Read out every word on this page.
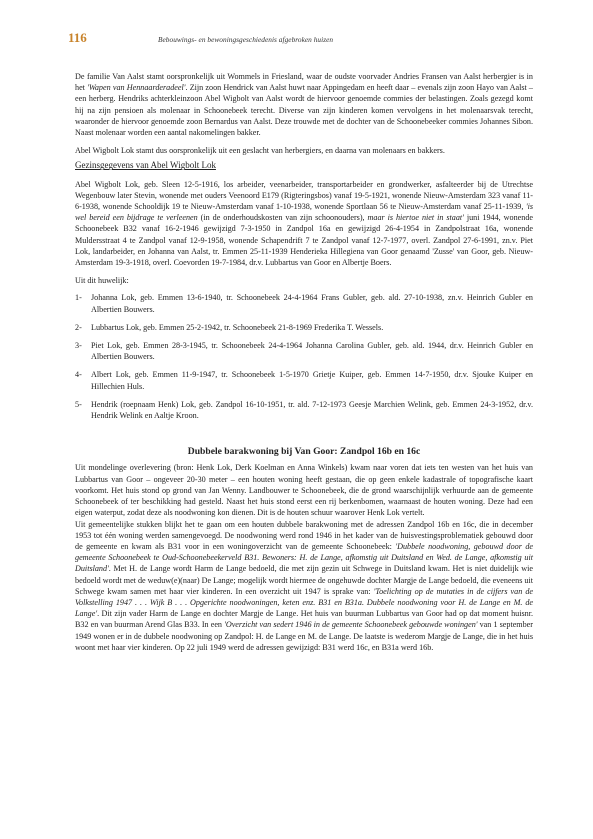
116	Bebouwings- en bewoningsgeschiedenis afgebroken huizen

De familie Van Aalst stamt oorspronkelijk uit Wommels in Friesland, waar de oudste voorvader Andries Fransen van Aalst herbergier is in het 'Wapen van Hennaarderadeel'. Zijn zoon Hendrick van Aalst huwt naar Appingedam en heeft daar – evenals zijn zoon Hayo van Aalst – een herberg. Hendriks achterkleinzoon Abel Wigbolt van Aalst wordt de hiervoor genoemde commies der belastingen. Zoals gezegd komt hij na zijn pensioen als molenaar in Schoonebeek terecht. Diverse van zijn kinderen komen vervolgens in het molenaarsvak terecht, waaronder de hiervoor genoemde zoon Bernardus van Aalst. Deze trouwde met de dochter van de Schoonebeeker commies Johannes Sibon. Naast molenaar worden een aantal nakomelingen bakker.

Abel Wigbolt Lok stamt dus oorspronkelijk uit een geslacht van herbergiers, en daarna van molenaars en bakkers.

Gezinsgegevens van Abel Wigbolt Lok

Abel Wigbolt Lok, geb. Sleen 12-5-1916, los arbeider, veenarbeider, transportarbeider en grondwerker, asfalteerder bij de Utrechtse Wegenbouw later Stevin, wonende met ouders Veenoord E179 (Rigteringsbos) vanaf 19-5-1921, wonende Nieuw-Amsterdam 323 vanaf 11-6-1938, wonende Schooldijk 19 te Nieuw-Amsterdam vanaf 1-10-1938, wonende Sportlaan 56 te Nieuw-Amsterdam vanaf 25-11-1939, 'is wel bereid een bijdrage te verleenen (in de onderhoudskosten van zijn schoonouders), maar is hiertoe niet in staat' juni 1944, wonende Schoonebeek B32 vanaf 16-2-1946 gewijzigd 7-3-1950 in Zandpol 16a en gewijzigd 26-4-1954 in Zandpolstraat 16a, wonende Muldersstraat 4 te Zandpol vanaf 12-9-1958, wonende Schapendrift 7 te Zandpol vanaf 12-7-1977, overl. Zandpol 27-6-1991, zn.v. Piet Lok, landarbeider, en Johanna van Aalst, tr. Emmen 25-11-1939 Henderieka Hillegiena van Goor genaamd 'Zusse' van Goor, geb. Nieuw-Amsterdam 19-3-1918, overl. Coevorden 19-7-1984, dr.v. Lubbartus van Goor en Albertje Boers.

Uit dit huwelijk:

1-	Johanna Lok, geb. Emmen 13-6-1940, tr. Schoonebeek 24-4-1964 Frans Gubler, geb. ald. 27-10-1938, zn.v. Heinrich Gubler en Albertien Bouwers.
2-	Lubbartus Lok, geb. Emmen 25-2-1942, tr. Schoonebeek 21-8-1969 Frederika T. Wessels.
3-	Piet Lok, geb. Emmen 28-3-1945, tr. Schoonebeek 24-4-1964 Johanna Carolina Gubler, geb. ald. 1944, dr.v. Heinrich Gubler en Albertien Bouwers.
4-	Albert Lok, geb. Emmen 11-9-1947, tr. Schoonebeek 1-5-1970 Grietje Kuiper, geb. Emmen 14-7-1950, dr.v. Sjouke Kuiper en Hillechien Huls.
5-	Hendrik (roepnaam Henk) Lok, geb. Zandpol 16-10-1951, tr. ald. 7-12-1973 Geesje Marchien Welink, geb. Emmen 24-3-1952, dr.v. Hendrik Welink en Aaltje Kroon.

Dubbele barakwoning bij Van Goor: Zandpol 16b en 16c

Uit mondelinge overlevering (bron: Henk Lok, Derk Koelman en Anna Winkels) kwam naar voren dat iets ten westen van het huis van Lubbartus van Goor – ongeveer 20-30 meter – een houten woning heeft gestaan, die op geen enkele kadastrale of topografische kaart voorkomt. Het huis stond op grond van Jan Wenny. Landbouwer te Schoonebeek, die de grond waarschijnlijk verhuurde aan de gemeente Schoonebeek of ter beschikking had gesteld. Naast het huis stond eerst een rij berkenbomen, waarnaast de houten woning. Deze had een eigen waterput, zodat deze als noodwoning kon dienen. Dit is de houten schuur waarover Henk Lok vertelt.

Uit gemeentelijke stukken blijkt het te gaan om een houten dubbele barakwoning met de adressen Zandpol 16b en 16c, die in december 1953 tot één woning werden samengevoegd. De noodwoning werd rond 1946 in het kader van de huisvestingsproblematiek gebouwd door de gemeente en kwam als B31 voor in een woningoverzicht van de gemeente Schoonebeek: 'Dubbele noodwoning, gebouwd door de gemeente Schoonebeek te Oud-Schoonebeekerveld B31. Bewoners: H. de Lange, afkomstig uit Duitsland en Wed. de Lange, afkomstig uit Duitsland'. Met H. de Lange wordt Harm de Lange bedoeld, die met zijn gezin uit Schwege in Duitsland kwam. Het is niet duidelijk wie bedoeld wordt met de weduw(e)(naar) De Lange; mogelijk wordt hiermee de ongehuwde dochter Margje de Lange bedoeld, die eveneens uit Schwege kwam samen met haar vier kinderen. In een overzicht uit 1947 is sprake van: 'Toelichting op de mutaties in de cijfers van de Volkstelling 1947 . . . Wijk B . . . Opgerichte noodwoningen, keten enz. B31 en B31a. Dubbele noodwoning voor H. de Lange en M. de Lange'. Dit zijn vader Harm de Lange en dochter Margje de Lange. Het huis van buurman Lubbartus van Goor had op dat moment huisnr. B32 en van buurman Arend Glas B33. In een 'Overzicht van sedert 1946 in de gemeente Schoonebeek gebouwde woningen' van 1 september 1949 wonen er in de dubbele noodwoning op Zandpol: H. de Lange en M. de Lange. De laatste is wederom Margje de Lange, die in het huis woont met haar vier kinderen. Op 22 juli 1949 werd de adressen gewijzigd: B31 werd 16c, en B31a werd 16b.
